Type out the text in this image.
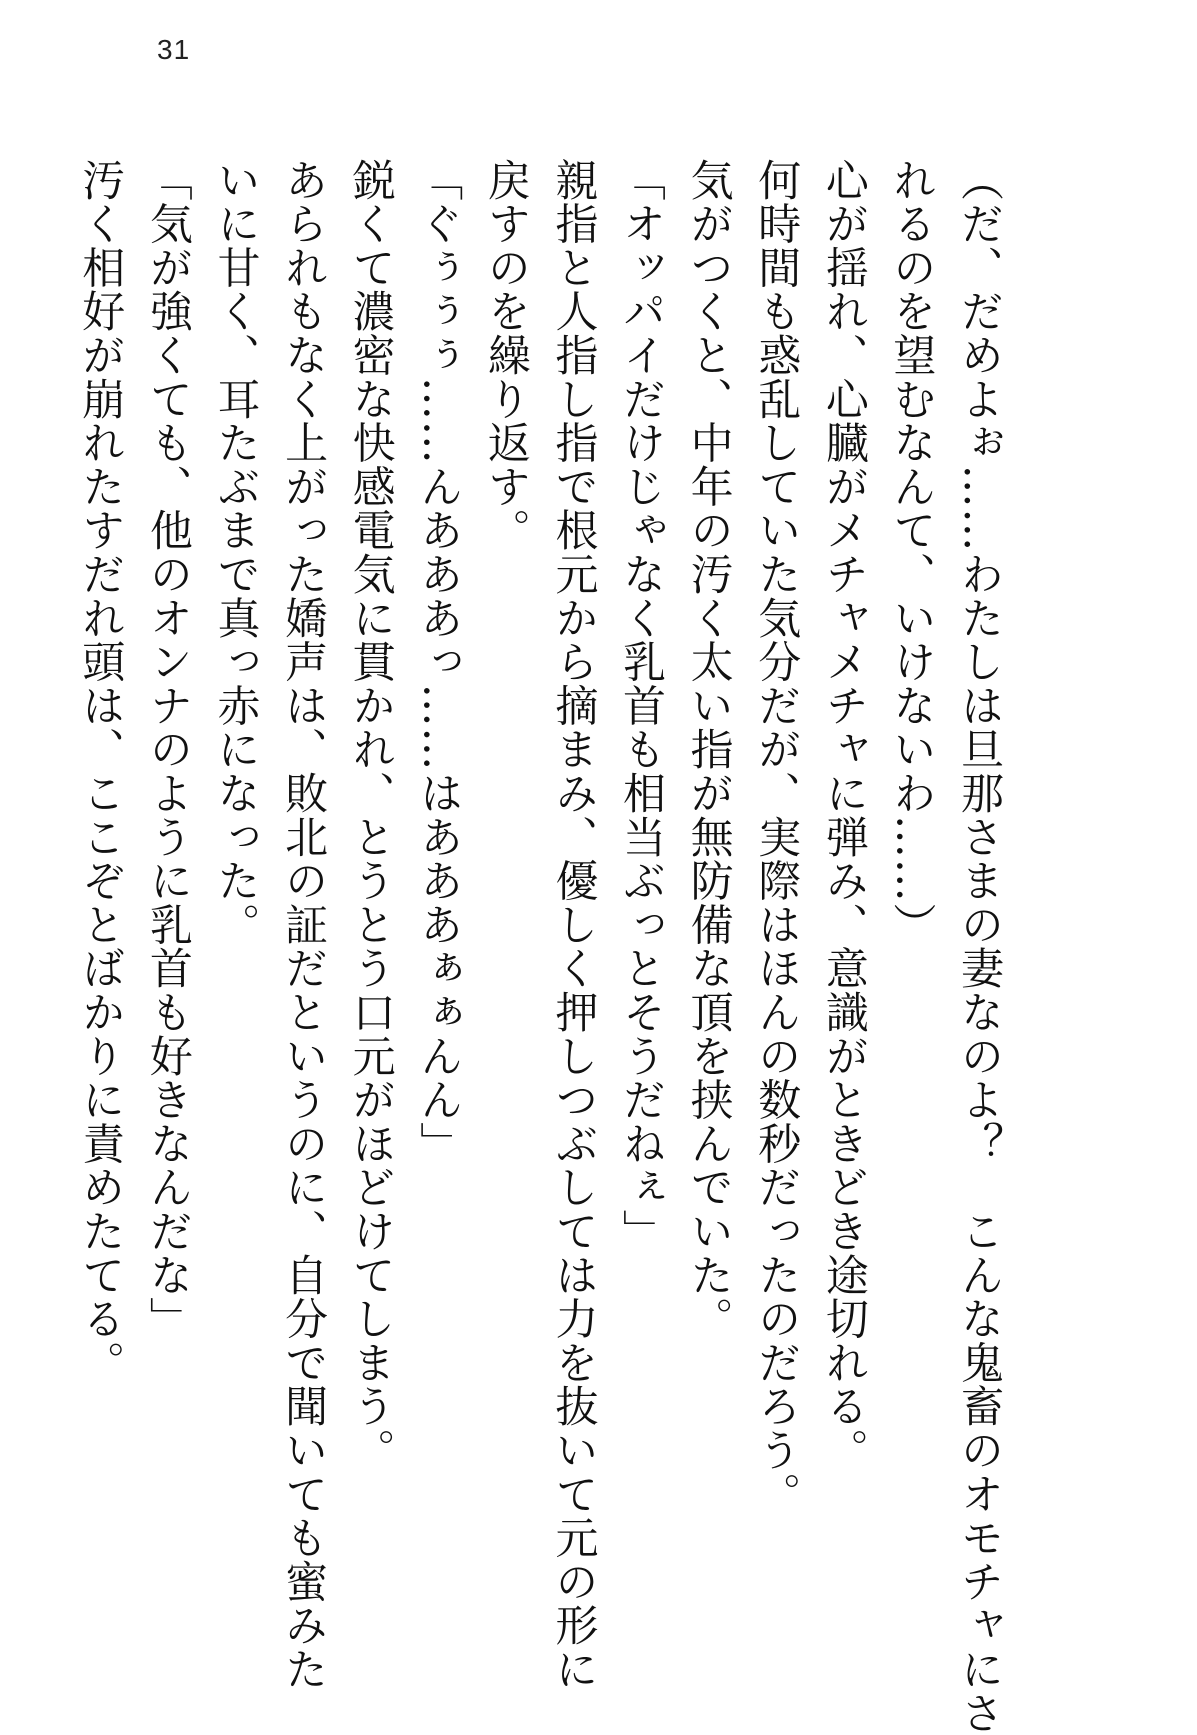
31

（だ、だめよぉ……わたしは旦那さまの妻なのよ？　こんな鬼畜のオモチャにさ

れるのを望むなんて、いけないわ……）

心が揺れ、心臓がメチャメチャに弾み、意識がときどき途切れる。

何時間も惑乱していた気分だが、実際はほんの数秒だったのだろう。

気がつくと、中年の汚く太い指が無防備な頂を挟んでいた。

「オッパイだけじゃなく乳首も相当ぶっとそうだねぇ」

親指と人指し指で根元から摘まみ、優しく押しつぶしては力を抜いて元の形に

戻すのを繰り返す。

「ぐぅぅぅ……んあああっ……はあああぁぁんん」

鋭くて濃密な快感電気に貫かれ、とうとう口元がほどけてしまう。

あられもなく上がった嬌声は、敗北の証だというのに、自分で聞いても蜜みた

いに甘く、耳たぶまで真っ赤になった。

「気が強くても、他のオンナのように乳首も好きなんだな」

汚く相好が崩れたすだれ頭は、ここぞとばかりに責めたてる。
